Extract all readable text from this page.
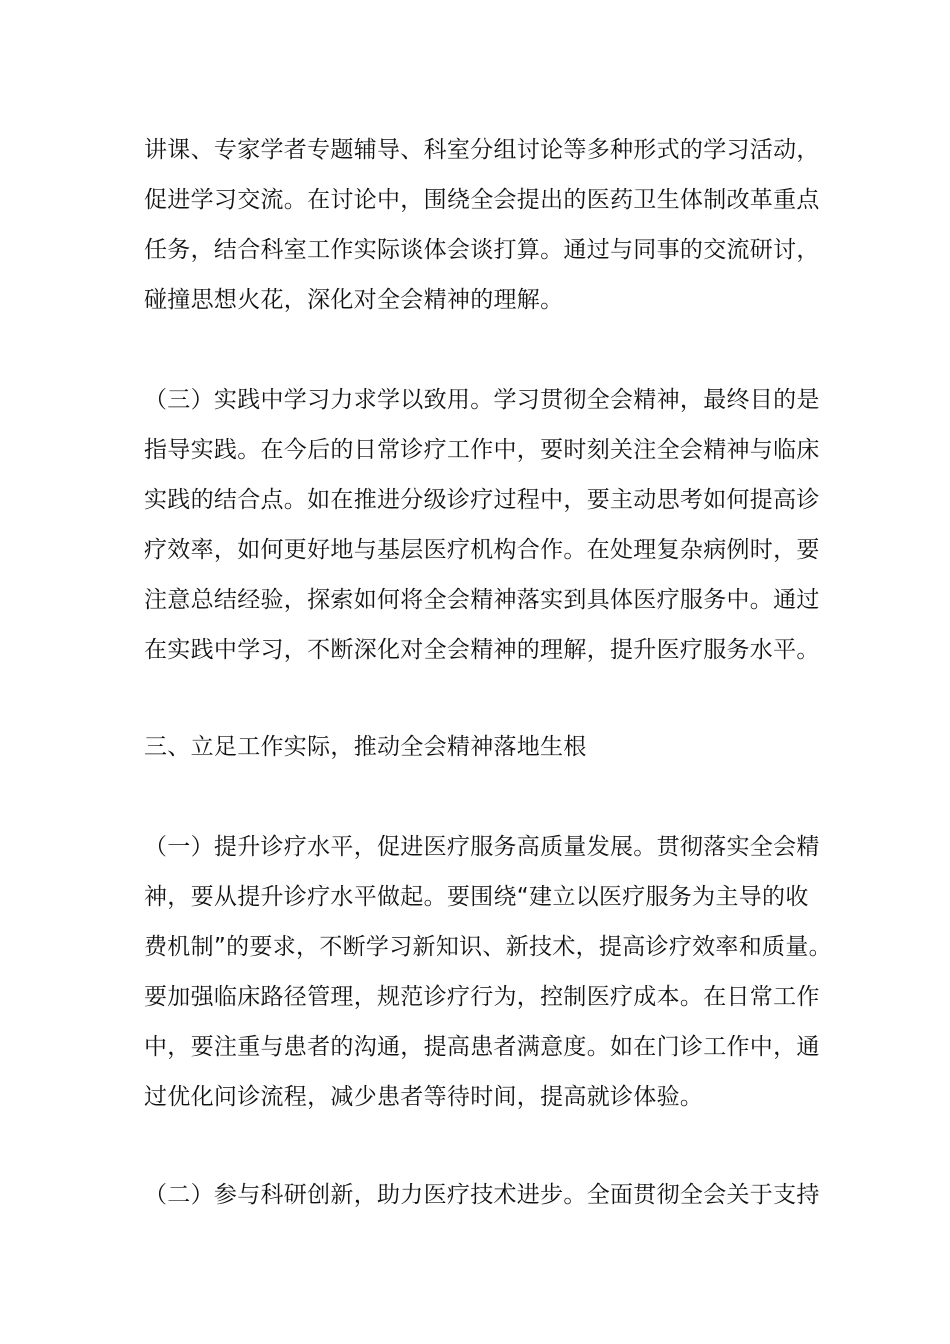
讲课、专家学者专题辅导、科室分组讨论等多种形式的学习活动，
促进学习交流。在讨论中，围绕全会提出的医药卫生体制改革重点
任务，结合科室工作实际谈体会谈打算。通过与同事的交流研讨，
碰撞思想火花，深化对全会精神的理解。
（三）实践中学习力求学以致用。学习贯彻全会精神，最终目的是
指导实践。在今后的日常诊疗工作中，要时刻关注全会精神与临床
实践的结合点。如在推进分级诊疗过程中，要主动思考如何提高诊
疗效率，如何更好地与基层医疗机构合作。在处理复杂病例时，要
注意总结经验，探索如何将全会精神落实到具体医疗服务中。通过
在实践中学习，不断深化对全会精神的理解，提升医疗服务水平。
三、立足工作实际，推动全会精神落地生根
（一）提升诊疗水平，促进医疗服务高质量发展。贯彻落实全会精
神，要从提升诊疗水平做起。要围绕“建立以医疗服务为主导的收
费机制”的要求，不断学习新知识、新技术，提高诊疗效率和质量。
要加强临床路径管理，规范诊疗行为，控制医疗成本。在日常工作
中，要注重与患者的沟通，提高患者满意度。如在门诊工作中，通
过优化问诊流程，减少患者等待时间，提高就诊体验。
（二）参与科研创新，助力医疗技术进步。全面贯彻全会关于支持
